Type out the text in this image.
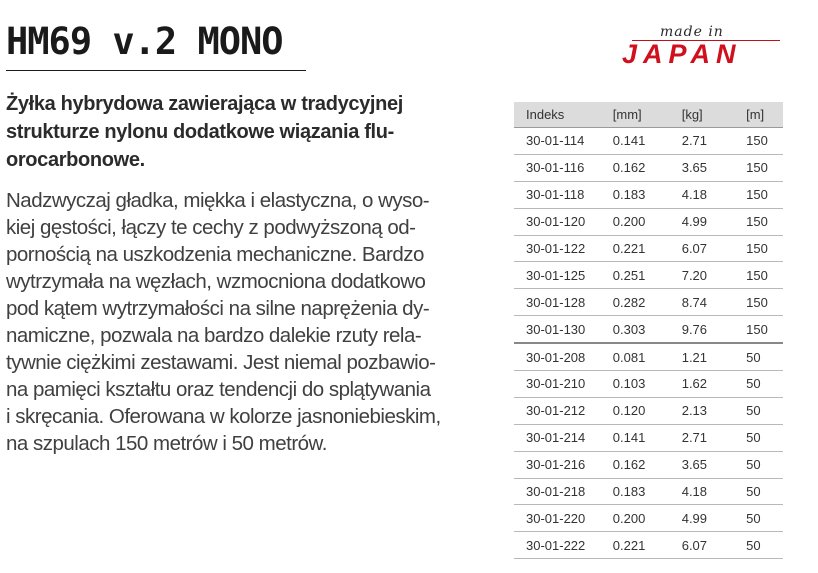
HM69 v.2 MONO	made in
JAPAN
Żyłka hybrydowa zawierająca w tradycyjnej
strukturze nylonu dodatkowe wiązania flu-
orocarbonowe.
Nadzwyczaj gładka, miękka i elastyczna, o wyso-
kiej gęstości, łączy te cechy z podwyższoną od-
pornością na uszkodzenia mechaniczne. Bardzo
wytrzymała na węzłach, wzmocniona dodatkowo
pod kątem wytrzymałości na silne naprężenia dy-
namiczne, pozwala na bardzo dalekie rzuty rela-
tywnie ciężkimi zestawami. Jest niemal pozbawio-
na pamięci kształtu oraz tendencji do splątywania
i skręcania. Oferowana w kolorze jasnoniebieskim,
na szpulach 150 metrów i 50 metrów.
Indeks	[mm]	[kg]	[m]
30-01-114	0.141	2.71	150
30-01-116	0.162	3.65	150
30-01-118	0.183	4.18	150
30-01-120	0.200	4.99	150
30-01-122	0.221	6.07	150
30-01-125	0.251	7.20	150
30-01-128	0.282	8.74	150
30-01-130	0.303	9.76	150
30-01-208	0.081	1.21	50
30-01-210	0.103	1.62	50
30-01-212	0.120	2.13	50
30-01-214	0.141	2.71	50
30-01-216	0.162	3.65	50
30-01-218	0.183	4.18	50
30-01-220	0.200	4.99	50
30-01-222	0.221	6.07	50
